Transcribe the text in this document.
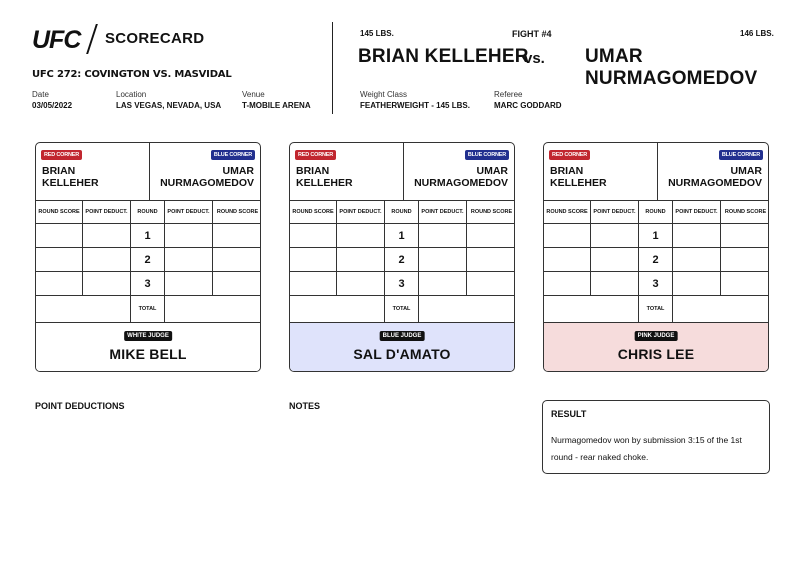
UFC SCORECARD
UFC 272: COVINGTON VS. MASVIDAL
Date
03/05/2022
Location
LAS VEGAS, NEVADA, USA
Venue
T-MOBILE ARENA
145 LBS.	FIGHT #4	146 LBS.
BRIAN KELLEHER
vs. UMAR NURMAGOMEDOV
Weight Class
FEATHERWEIGHT - 145 LBS.
Referee
MARC GODDARD
RED CORNER	BLUE CORNER
BRIAN
KELLEHER
UMAR
NURMAGOMEDOV
ROUND SCORE	POINT DEDUCT.	ROUND	POINT DEDUCT.	ROUND SCORE
1
2
3
TOTAL
WHITE JUDGE
MIKE BELL
RED CORNER	BLUE CORNER
BRIAN
KELLEHER
UMAR
NURMAGOMEDOV
ROUND SCORE	POINT DEDUCT.	ROUND	POINT DEDUCT.	ROUND SCORE
1
2
3
TOTAL
BLUE JUDGE
SAL D'AMATO
RED CORNER	BLUE CORNER
BRIAN
KELLEHER
UMAR
NURMAGOMEDOV
ROUND SCORE	POINT DEDUCT.	ROUND	POINT DEDUCT.	ROUND SCORE
1
2
3
TOTAL
PINK JUDGE
CHRIS LEE
POINT DEDUCTIONS	NOTES
RESULT
Nurmagomedov won by submission 3:15 of the 1st round - rear naked choke.
